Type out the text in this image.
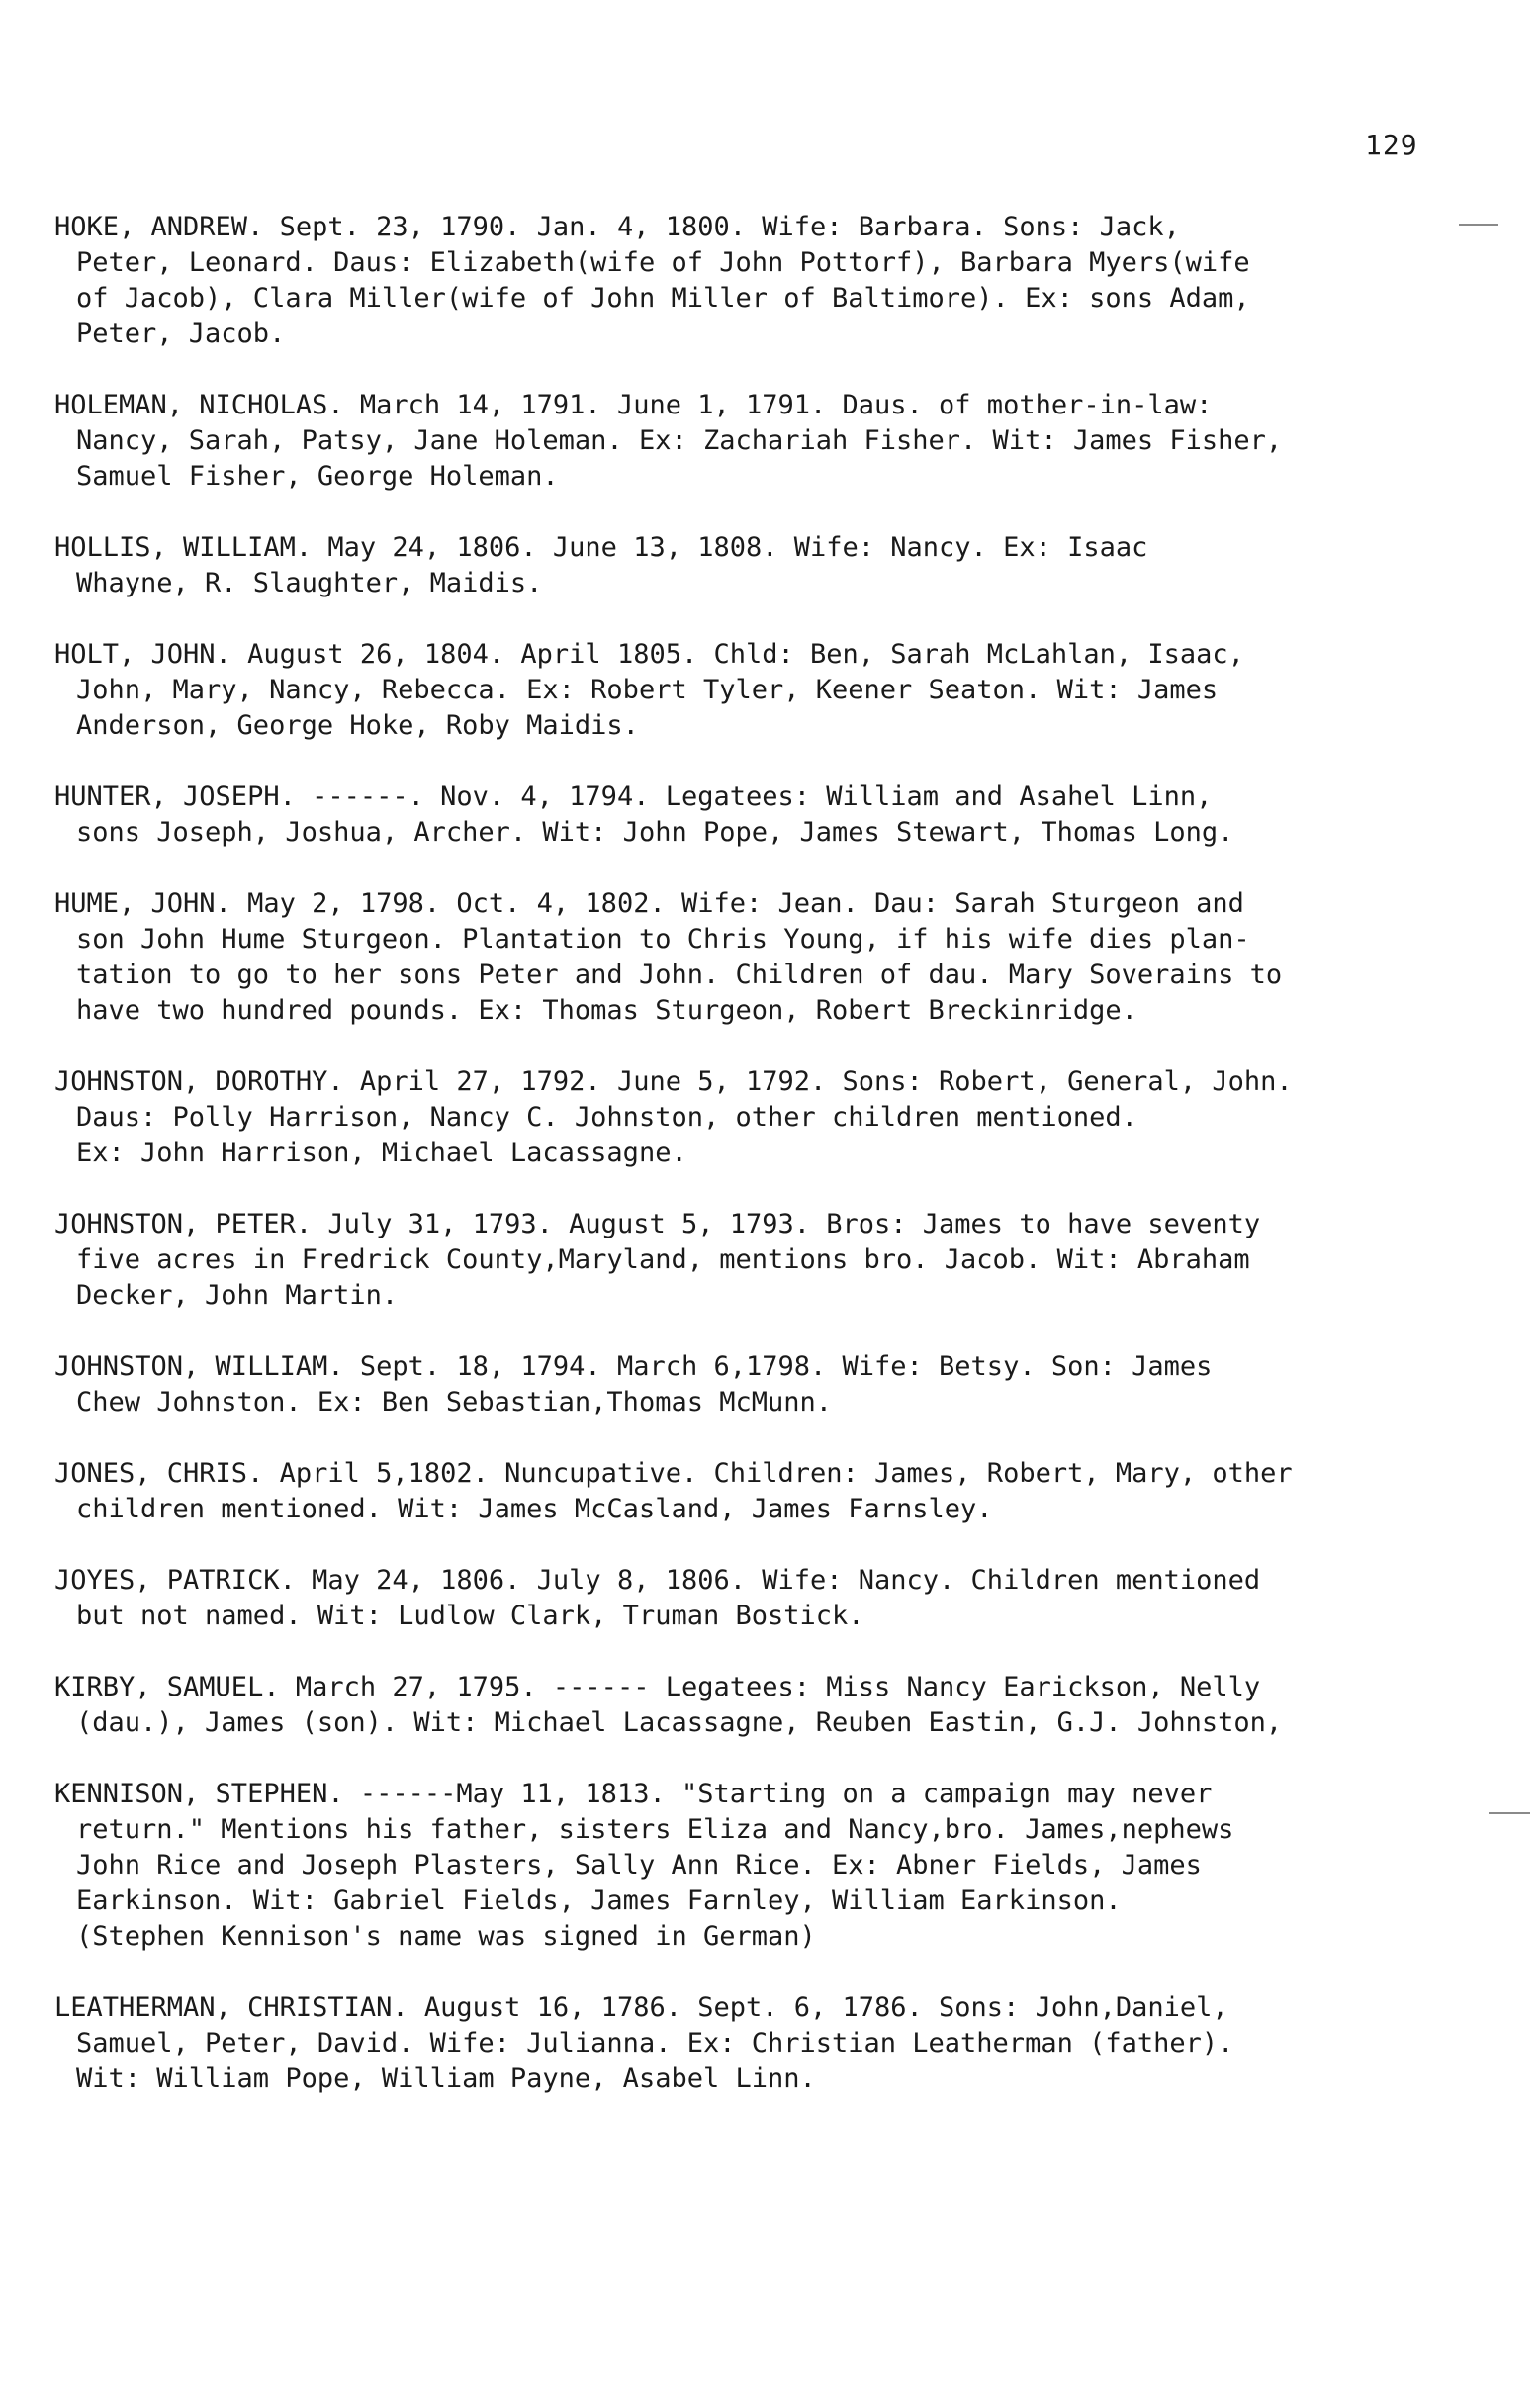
129

HOKE, ANDREW. Sept. 23, 1790. Jan. 4, 1800. Wife: Barbara. Sons: Jack,
Peter, Leonard. Daus: Elizabeth(wife of John Pottorf), Barbara Myers(wife
of Jacob), Clara Miller(wife of John Miller of Baltimore). Ex: sons Adam,
Peter, Jacob.

HOLEMAN, NICHOLAS. March 14, 1791. June 1, 1791. Daus. of mother-in-law:
Nancy, Sarah, Patsy, Jane Holeman. Ex: Zachariah Fisher. Wit: James Fisher,
Samuel Fisher, George Holeman.

HOLLIS, WILLIAM. May 24, 1806. June 13, 1808. Wife: Nancy. Ex: Isaac
Whayne, R. Slaughter, Maidis.

HOLT, JOHN. August 26, 1804. April 1805. Chld: Ben, Sarah McLahlan, Isaac,
John, Mary, Nancy, Rebecca. Ex: Robert Tyler, Keener Seaton. Wit: James
Anderson, George Hoke, Roby Maidis.

HUNTER, JOSEPH. ------. Nov. 4, 1794. Legatees: William and Asahel Linn,
sons Joseph, Joshua, Archer. Wit: John Pope, James Stewart, Thomas Long.

HUME, JOHN. May 2, 1798. Oct. 4, 1802. Wife: Jean. Dau: Sarah Sturgeon and
son John Hume Sturgeon. Plantation to Chris Young, if his wife dies plan-
tation to go to her sons Peter and John. Children of dau. Mary Soverains to
have two hundred pounds. Ex: Thomas Sturgeon, Robert Breckinridge.

JOHNSTON, DOROTHY. April 27, 1792. June 5, 1792. Sons: Robert, General, John.
Daus: Polly Harrison, Nancy C. Johnston, other children mentioned.
Ex: John Harrison, Michael Lacassagne.

JOHNSTON, PETER. July 31, 1793. August 5, 1793. Bros: James to have seventy
five acres in Fredrick County,Maryland, mentions bro. Jacob. Wit: Abraham
Decker, John Martin.

JOHNSTON, WILLIAM. Sept. 18, 1794. March 6,1798. Wife: Betsy. Son: James
Chew Johnston. Ex: Ben Sebastian,Thomas McMunn.

JONES, CHRIS. April 5,1802. Nuncupative. Children: James, Robert, Mary, other
children mentioned. Wit: James McCasland, James Farnsley.

JOYES, PATRICK. May 24, 1806. July 8, 1806. Wife: Nancy. Children mentioned
but not named. Wit: Ludlow Clark, Truman Bostick.

KIRBY, SAMUEL. March 27, 1795. ------ Legatees: Miss Nancy Earickson, Nelly
(dau.), James (son). Wit: Michael Lacassagne, Reuben Eastin, G.J. Johnston,

KENNISON, STEPHEN. ------May 11, 1813. "Starting on a campaign may never
return." Mentions his father, sisters Eliza and Nancy,bro. James,nephews
John Rice and Joseph Plasters, Sally Ann Rice. Ex: Abner Fields, James
Earkinson. Wit: Gabriel Fields, James Farnley, William Earkinson.
(Stephen Kennison's name was signed in German)

LEATHERMAN, CHRISTIAN. August 16, 1786. Sept. 6, 1786. Sons: John,Daniel,
Samuel, Peter, David. Wife: Julianna. Ex: Christian Leatherman (father).
Wit: William Pope, William Payne, Asabel Linn.
